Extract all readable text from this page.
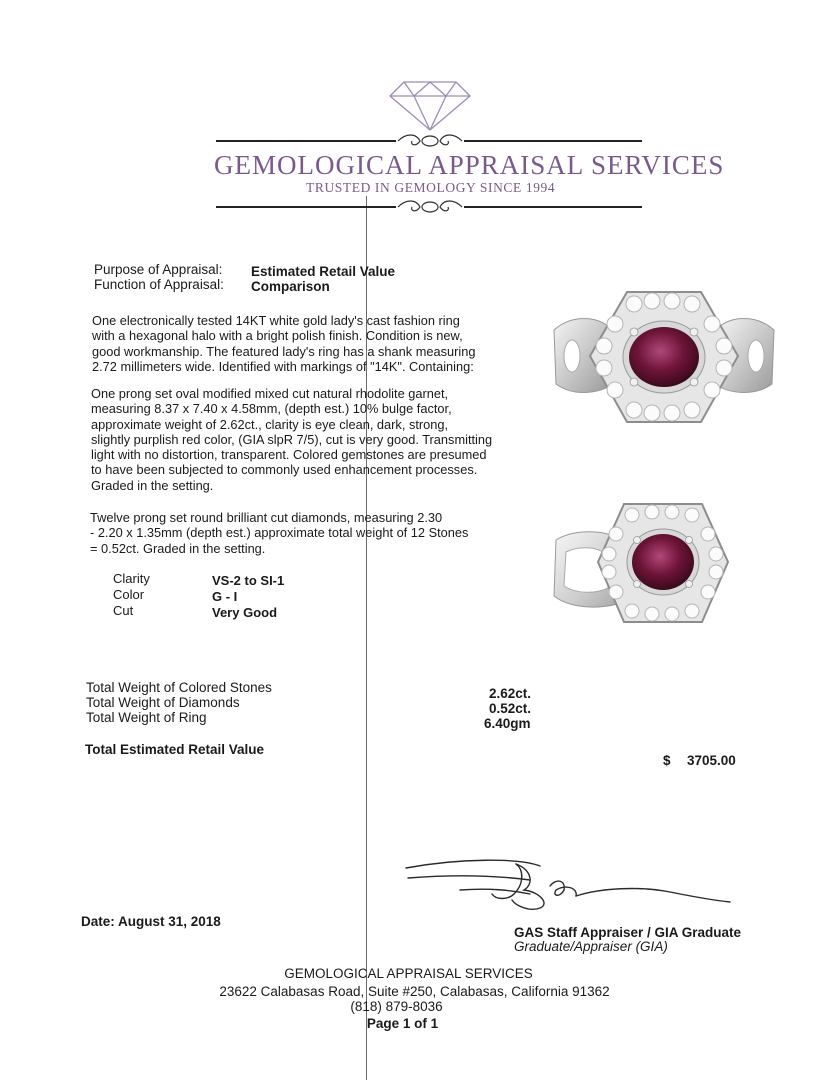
GEMOLOGICAL APPRAISAL SERVICES
TRUSTED IN GEMOLOGY SINCE 1994
Purpose of Appraisal: Estimated Retail Value
Function of Appraisal: Comparison
One electronically tested 14KT white gold lady's cast fashion ring
with a hexagonal halo with a bright polish finish. Condition is new,
good workmanship. The featured lady's ring has a shank measuring
2.72 millimeters wide. Identified with markings of "14K". Containing:
One prong set oval modified mixed cut natural rhodolite garnet,
measuring 8.37 x 7.40 x 4.58mm, (depth est.) 10% bulge factor,
approximate weight of 2.62ct., clarity is eye clean, dark, strong,
slightly purplish red color, (GIA slpR 7/5), cut is very good. Transmitting
light with no distortion, transparent. Colored gemstones are presumed
to have been subjected to commonly used enhancement processes.
Graded in the setting.
Twelve prong set round brilliant cut diamonds, measuring 2.30
- 2.20 x 1.35mm (depth est.) approximate total weight of 12 Stones
= 0.52ct. Graded in the setting.
Clarity	VS-2 to SI-1
Color	G - I
Cut	Very Good
Total Weight of Colored Stones	2.62ct.
Total Weight of Diamonds	0.52ct.
Total Weight of Ring	6.40gm
Total Estimated Retail Value
$ 3705.00
Date: August 31, 2018
GAS Staff Appraiser / GIA Graduate
Graduate/Appraiser (GIA)
GEMOLOGICAL APPRAISAL SERVICES
23622 Calabasas Road, Suite #250, Calabasas, California 91362
(818) 879-8036
Page 1 of 1
